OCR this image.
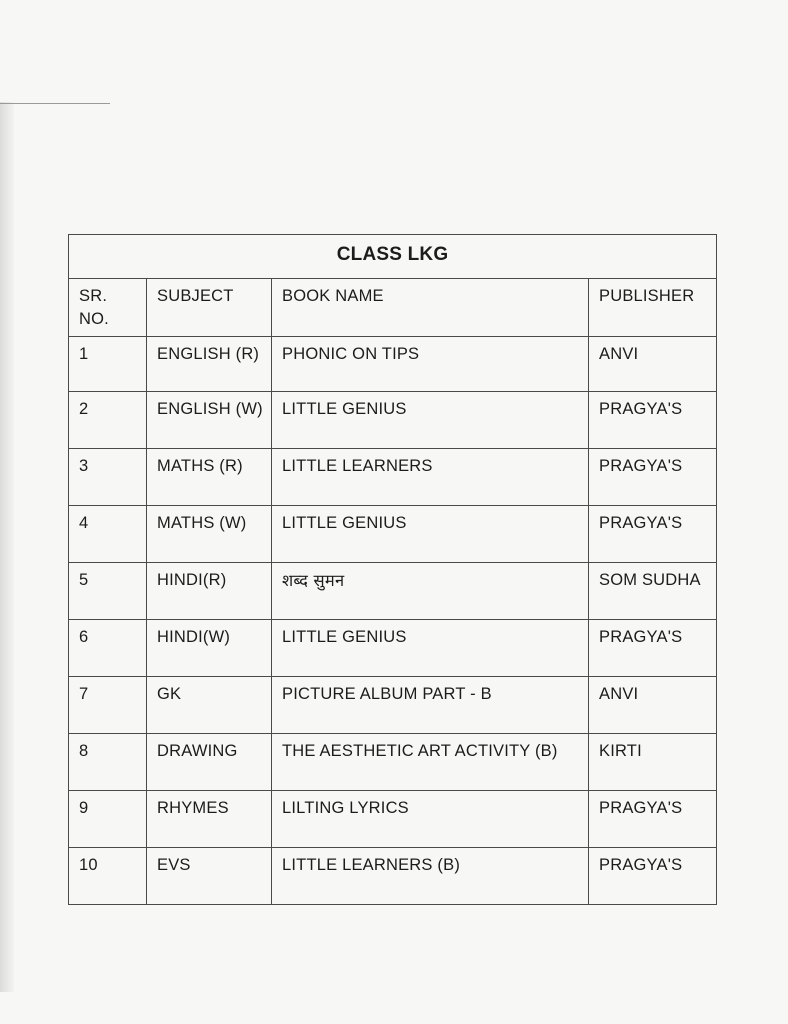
CLASS LKG			
SR. NO.	SUBJECT	BOOK NAME	PUBLISHER
1	ENGLISH (R)	PHONIC ON TIPS	ANVI
2	ENGLISH (W)	LITTLE GENIUS	PRAGYA'S
3	MATHS (R)	LITTLE LEARNERS	PRAGYA'S
4	MATHS (W)	LITTLE GENIUS	PRAGYA'S
5	HINDI(R)	शब्द सुमन	SOM SUDHA
6	HINDI(W)	LITTLE GENIUS	PRAGYA'S
7	GK	PICTURE ALBUM PART - B	ANVI
8	DRAWING	THE AESTHETIC ART ACTIVITY (B)	KIRTI
9	RHYMES	LILTING LYRICS	PRAGYA'S
10	EVS	LITTLE LEARNERS (B)	PRAGYA'S
